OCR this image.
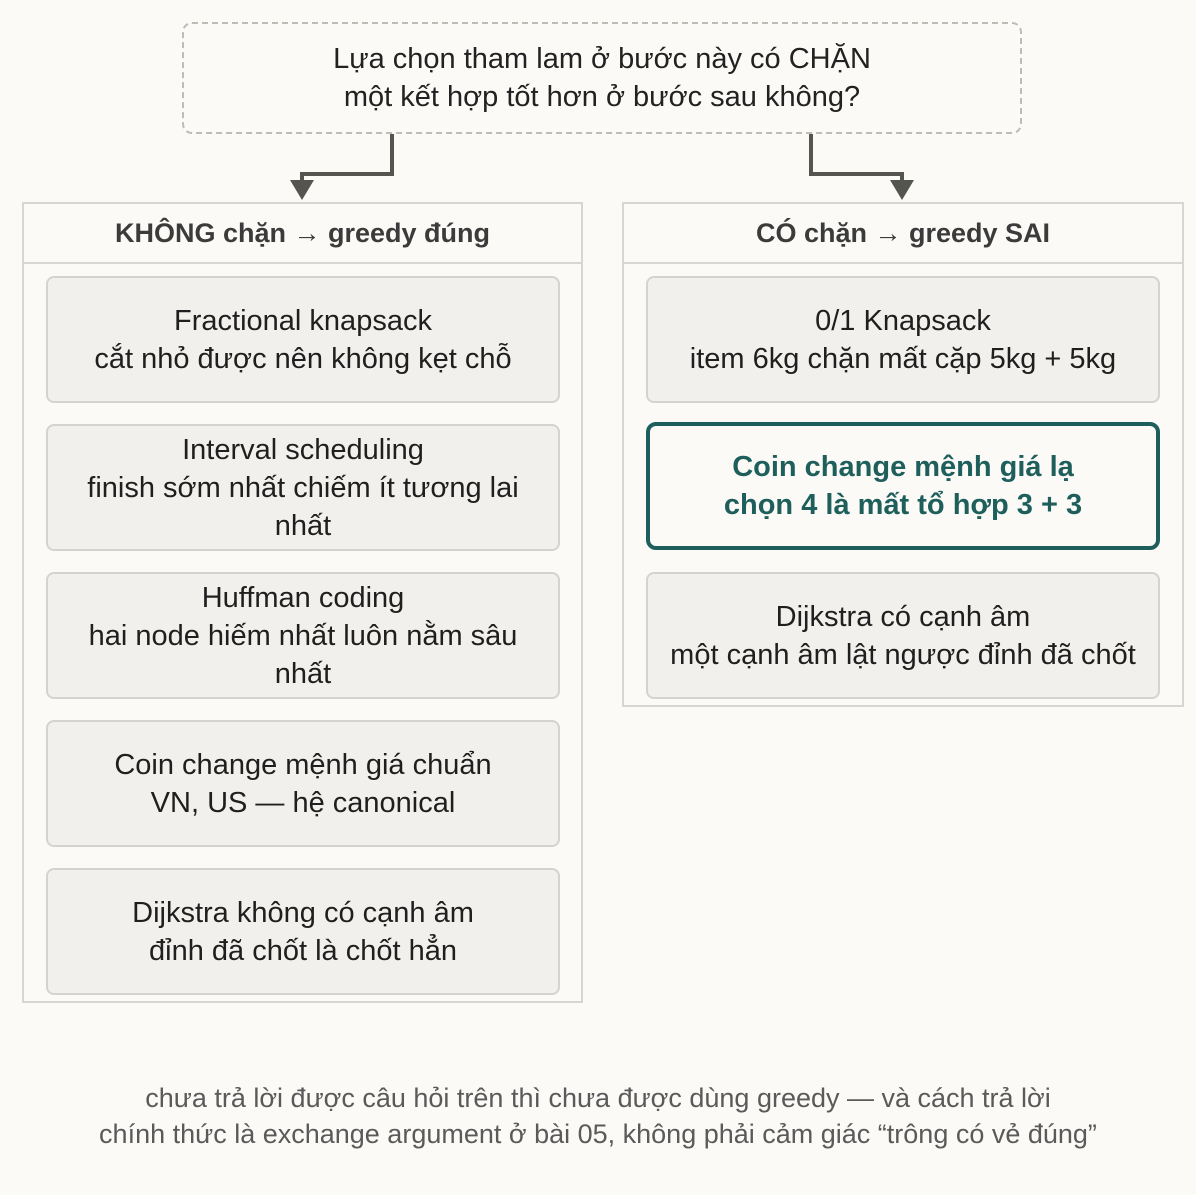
Lựa chọn tham lam ở bước này có CHẶN
một kết hợp tốt hơn ở bước sau không?
KHÔNG chặn → greedy đúng
Fractional knapsack
cắt nhỏ được nên không kẹt chỗ
Interval scheduling
finish sớm nhất chiếm ít tương lai nhất
Huffman coding
hai node hiếm nhất luôn nằm sâu nhất
Coin change mệnh giá chuẩn
VN, US — hệ canonical
Dijkstra không có cạnh âm
đỉnh đã chốt là chốt hẳn
CÓ chặn → greedy SAI
0/1 Knapsack
item 6kg chặn mất cặp 5kg + 5kg
Coin change mệnh giá lạ
chọn 4 là mất tổ hợp 3 + 3
Dijkstra có cạnh âm
một cạnh âm lật ngược đỉnh đã chốt
chưa trả lời được câu hỏi trên thì chưa được dùng greedy — và cách trả lời
chính thức là exchange argument ở bài 05, không phải cảm giác “trông có vẻ đúng”
